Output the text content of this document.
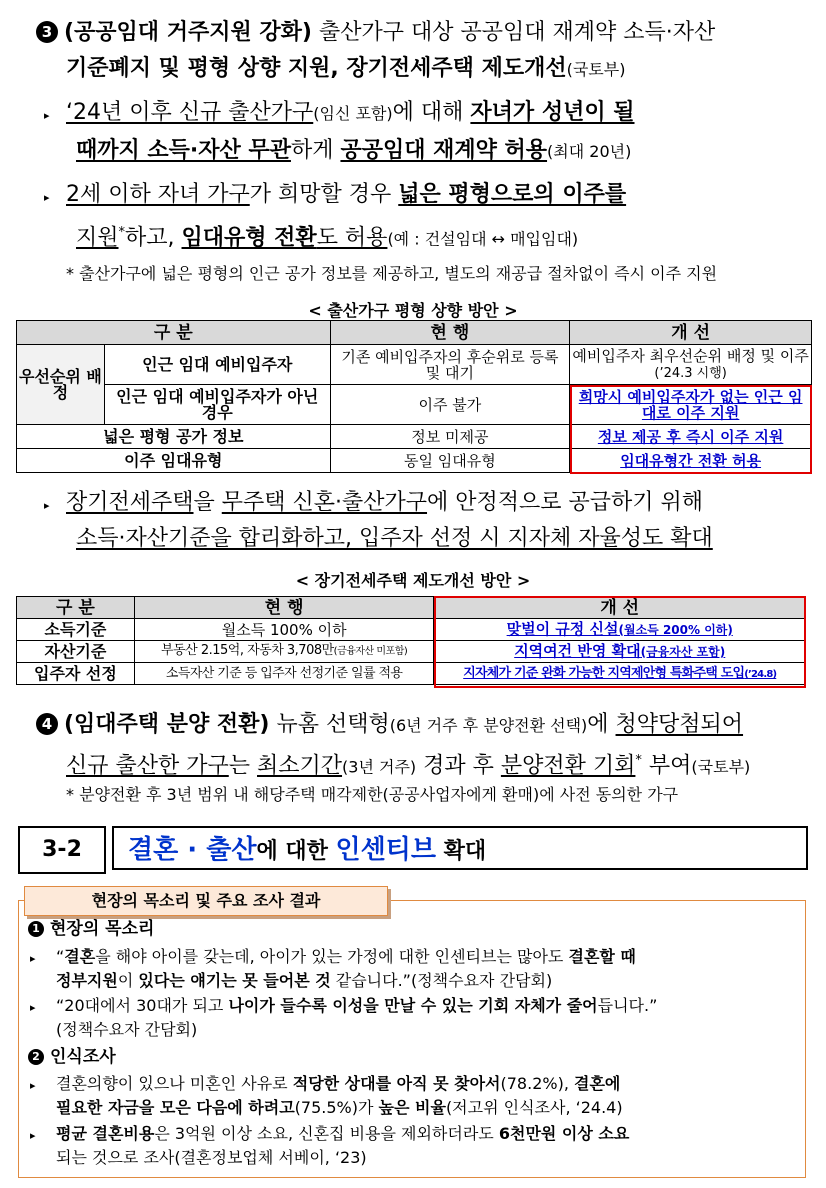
3 (공공임대 거주지원 강화) 출산가구 대상 공공임대 재계약 소득·자산
기준폐지 및 평형 상향 지원, 장기전세주택 제도개선(국토부)
▸ ‘24년 이후 신규 출산가구(임신 포함)에 대해 자녀가 성년이 될
때까지 소득·자산 무관하게 공공임대 재계약 허용(최대 20년)
▸ 2세 이하 자녀 가구가 희망할 경우 넓은 평형으로의 이주를
지원*하고, 임대유형 전환도 허용(예 : 건설임대 ↔ 매입임대)
* 출산가구에 넓은 평형의 인근 공가 정보를 제공하고, 별도의 재공급 절차없이 즉시 이주 지원
< 출산가구 평형 상향 방안 >
구 분		현 행	개 선
우선순위 배정	인근 임대 예비입주자	기존 예비입주자의 후순위로 등록 및 대기	예비입주자 최우선순위 배정 및 이주(’24.3 시행)
	인근 임대 예비입주자가 아닌 경우	이주 불가	희망시 예비입주자가 없는 인근 임대로 이주 지원
넓은 평형 공가 정보		정보 미제공	정보 제공 후 즉시 이주 지원
이주 임대유형		동일 임대유형	임대유형간 전환 허용
▸ 장기전세주택을 무주택 신혼·출산가구에 안정적으로 공급하기 위해
소득·자산기준을 합리화하고, 입주자 선정 시 지자체 자율성도 확대
< 장기전세주택 제도개선 방안 >
구 분	현 행	개 선
소득기준	월소득 100% 이하	맞벌이 규정 신설(월소득 200% 이하)
자산기준	부동산 2.15억, 자동차 3,708만(금융자산 미포함)	지역여건 반영 확대(금융자산 포함)
입주자 선정	소득자산 기준 등 입주자 선정기준 일률 적용	지자체가 기준 완화 가능한 지역제안형 특화주택 도입(’24.8)
4 (임대주택 분양 전환) 뉴홈 선택형(6년 거주 후 분양전환 선택)에 청약당첨되어
신규 출산한 가구는 최소기간(3년 거주) 경과 후 분양전환 기회* 부여(국토부)
* 분양전환 후 3년 범위 내 해당주택 매각제한(공공사업자에게 환매)에 사전 동의한 가구
3-2	결혼 · 출산에 대한 인센티브 확대
현장의 목소리 및 주요 조사 결과
1 현장의 목소리
▸ “결혼을 해야 아이를 갖는데, 아이가 있는 가정에 대한 인센티브는 많아도 결혼할 때
정부지원이 있다는 얘기는 못 들어본 것 같습니다.”(정책수요자 간담회)
▸ “20대에서 30대가 되고 나이가 들수록 이성을 만날 수 있는 기회 자체가 줄어듭니다.”
(정책수요자 간담회)
2 인식조사
▸ 결혼의향이 있으나 미혼인 사유로 적당한 상대를 아직 못 찾아서(78.2%), 결혼에
필요한 자금을 모은 다음에 하려고(75.5%)가 높은 비율(저고위 인식조사, ‘24.4)
▸ 평균 결혼비용은 3억원 이상 소요, 신혼집 비용을 제외하더라도 6천만원 이상 소요
되는 것으로 조사(결혼정보업체 서베이, ‘23)
